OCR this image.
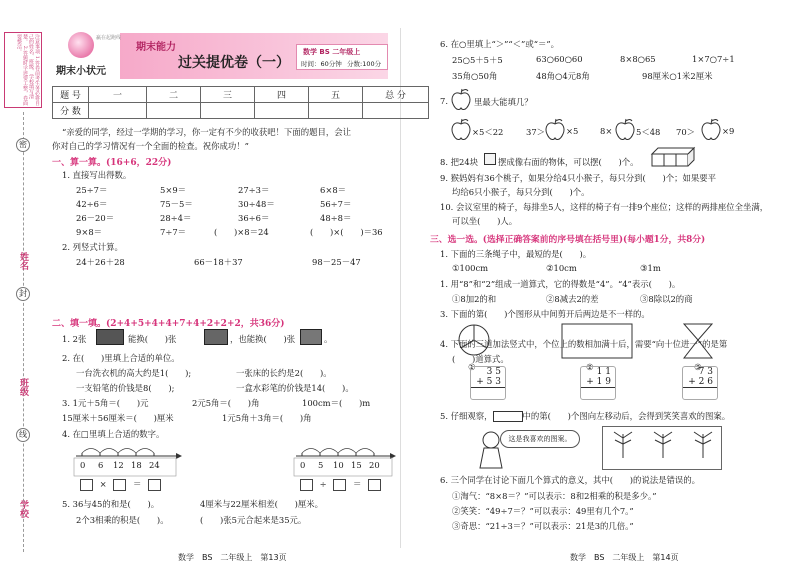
注意事项 1.答卷前考生务必将自己的姓名、班级、学校填写清楚。 2.答题时字迹要工整，卷面要整洁。
密
姓名
封
班级
线
学校
赢在起跑线
期末小状元
期末能力
过关提优卷（一）
数学 BS 二年级上
时间：60分钟 分数:100分
题 号	一	二	三	四	五	总 分
分 数						
“亲爱的同学，经过一学期的学习，你一定有不少的收获吧！下面的题目，会让
你对自己的学习情况有一个全面的检查。祝你成功！”
一、算一算。(16+6，22分)
1. 直接写出得数。
25÷7＝	5×9＝	27÷3＝	6×8＝
42÷6＝	75－5＝	30÷48＝	56÷7＝
26－20＝	28÷4＝	36÷6＝	48÷8＝
9×8＝	7÷7＝	(　　)×8＝24	(　　)×(　　)＝36
2. 列竖式计算。
24＋26＋28	66－18＋37	98－25－47
二、填一填。(2+4+5+4+4+7+4+2+2+2，共36分)
1. 2张	能换(　　)张	，也能换(　　)张	。
2. 在(　　)里填上合适的单位。
一台洗衣机的高大约是1(　　);	一张床的长约是2(　　)。
一支铅笔的价钱是8(　　);	一盒水彩笔的价钱是14(　　)。
3. 1元＋5角＝(　　)元	2元5角＝(　　)角	100cm＝(　　)m
15厘米＋56厘米＝(　　)厘米	1元5角＋3角＝(　　)角
4. 在□里填上合适的数字。
0 6 12 18 24
×	＝
0 5 10 15 20
÷	＝
5. 36与45的和是(　　)。	4厘米与22厘米相差(　　)厘米。
2个3相乘的积是(　　)。	(　　)张5元合起来是35元。
数学　BS　二年级上　第13页
6. 在○里填上“＞”“＜”或“＝”。
25○5＋5＋5	63○60○60	8×8○65	1×7○7÷1
35角○50角	48角○4元8角	98厘米○1米2厘米
7.	里最大能填几？
×5＜22	37＞ ×5	8×	5＜48 70＞	×9
8. 把24块 摆成像右面的物体，可以摆(　　)个。
9. 猴妈妈有36个桃子，如果分给4只小猴子，每只分到(　　)个；如果要平
均给6只小猴子，每只分到(　　)个。
10. 会议室里的椅子，每排坐5人，这样的椅子有一排9个座位；这样的两排座位全坐满，
可以坐(　　)人。
三、选一选。(选择正确答案前的序号填在括号里)(每小题1分，共8分)
1. 下面的三条绳子中，最短的是(　　)。
①100cm	②10cm	③1m
1. 用“8”和“2”组成一道算式，它的得数是“4”。“4”表示(　　)。
①8加2的和	②8减去2的差	③8除以2的商
3. 下面的第(　　)个图形从中间剪开后两边是不一样的。
①	②	③
4. 下面的三道加法竖式中，个位上的数相加满十后，需要“向十位进一”的是第
(　　)道算式。
3 5
+ 5 3
1 1
+ 1 9
7 3
+ 2 6
5. 仔细观察，	中的第(　　)个图向左移动后，会得到笑笑喜欢的图案。
这是我喜欢的图案。
6. 三个同学在讨论下面几个算式的意义，其中(　　)的说法是错误的。
①淘气：“8×8＝？”可以表示：8和2相乘的积是多少。”
②笑笑：“49÷7＝？”可以表示：49里有几个7。”
③奇思：“21÷3＝？”可以表示：21是3的几倍。”
数学　BS　二年级上　第14页
